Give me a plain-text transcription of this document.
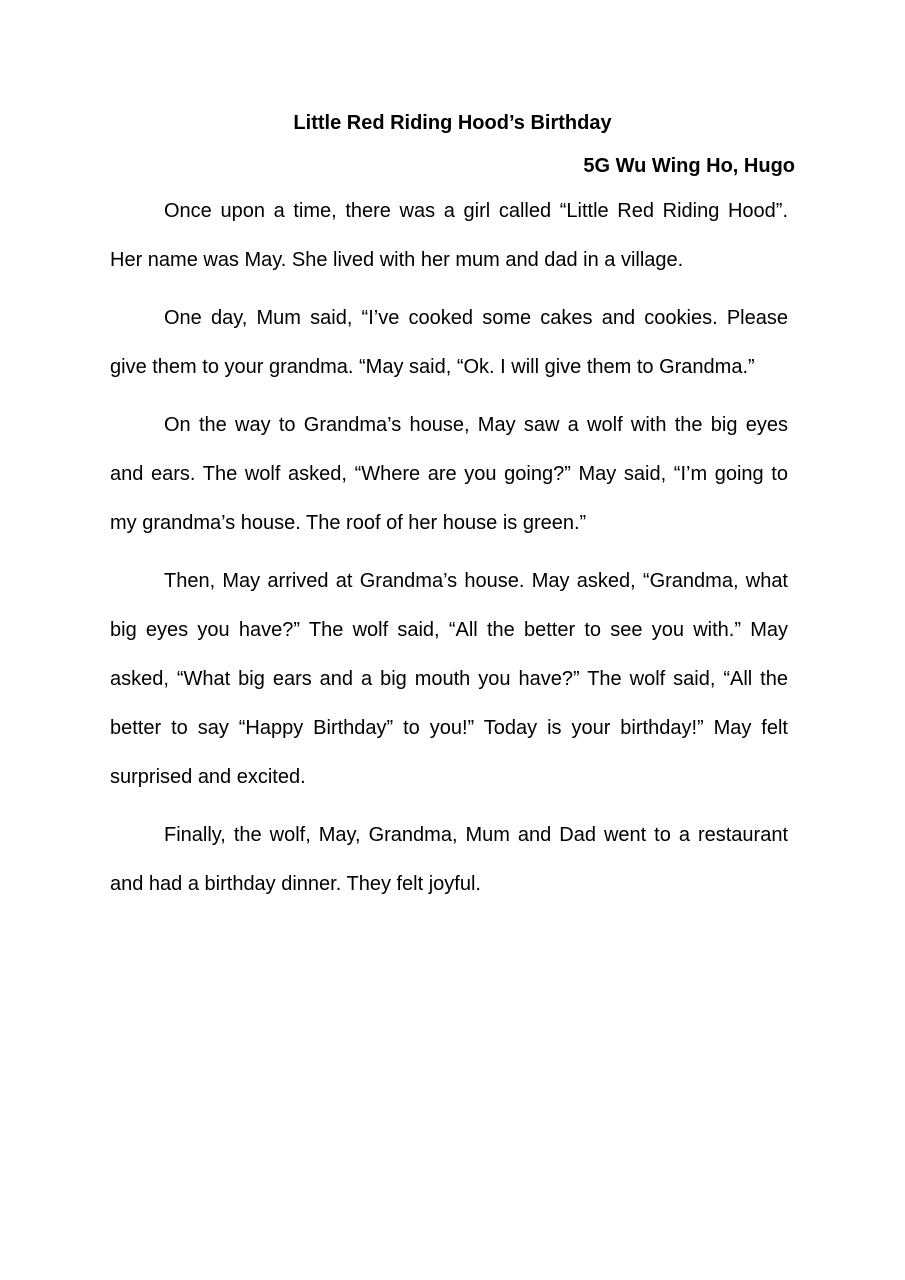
Little Red Riding Hood’s Birthday
5G Wu Wing Ho, Hugo

Once upon a time, there was a girl called “Little Red Riding Hood”. Her name was May. She lived with her mum and dad in a village.

One day, Mum said, “I’ve cooked some cakes and cookies. Please give them to your grandma. “May said, “Ok. I will give them to Grandma.”

On the way to Grandma’s house, May saw a wolf with the big eyes and ears. The wolf asked, “Where are you going?” May said, “I’m going to my grandma’s house. The roof of her house is green.”

Then, May arrived at Grandma’s house. May asked, “Grandma, what big eyes you have?” The wolf said, “All the better to see you with.” May asked, “What big ears and a big mouth you have?” The wolf said, “All the better to say “Happy Birthday” to you!” Today is your birthday!” May felt surprised and excited.

Finally, the wolf, May, Grandma, Mum and Dad went to a restaurant and had a birthday dinner. They felt joyful.
